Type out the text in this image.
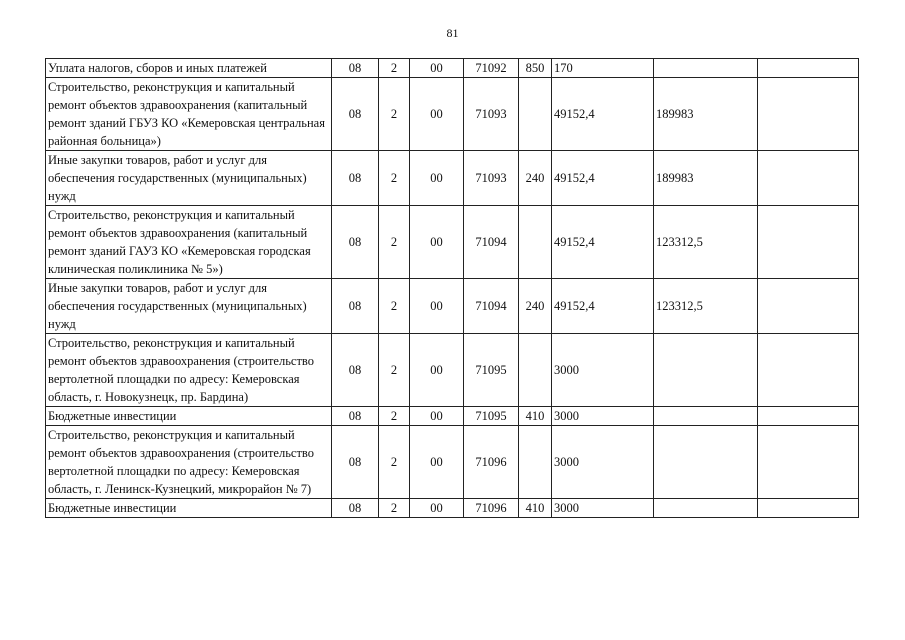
81
Уплата налогов, сборов и иных платежей	08	2	00	71092	850	170		
Строительство, реконструкция и капитальный ремонт объектов здравоохранения (капитальный ремонт зданий ГБУЗ КО «Кемеровская центральная районная больница»)	08	2	00	71093		49152,4	189983	
Иные закупки товаров, работ и услуг для обеспечения государственных (муниципальных) нужд	08	2	00	71093	240	49152,4	189983	
Строительство, реконструкция и капитальный ремонт объектов здравоохранения (капитальный ремонт зданий ГАУЗ КО «Кемеровская городская клиническая поликлиника № 5»)	08	2	00	71094		49152,4	123312,5	
Иные закупки товаров, работ и услуг для обеспечения государственных (муниципальных) нужд	08	2	00	71094	240	49152,4	123312,5	
Строительство, реконструкция и капитальный ремонт объектов здравоохранения (строительство вертолетной площадки по адресу: Кемеровская область, г. Новокузнецк, пр. Бардина)	08	2	00	71095		3000		
Бюджетные инвестиции	08	2	00	71095	410	3000		
Строительство, реконструкция и капитальный ремонт объектов здравоохранения (строительство вертолетной площадки по адресу: Кемеровская область, г. Ленинск-Кузнецкий, микрорайон № 7)	08	2	00	71096		3000		
Бюджетные инвестиции	08	2	00	71096	410	3000		
